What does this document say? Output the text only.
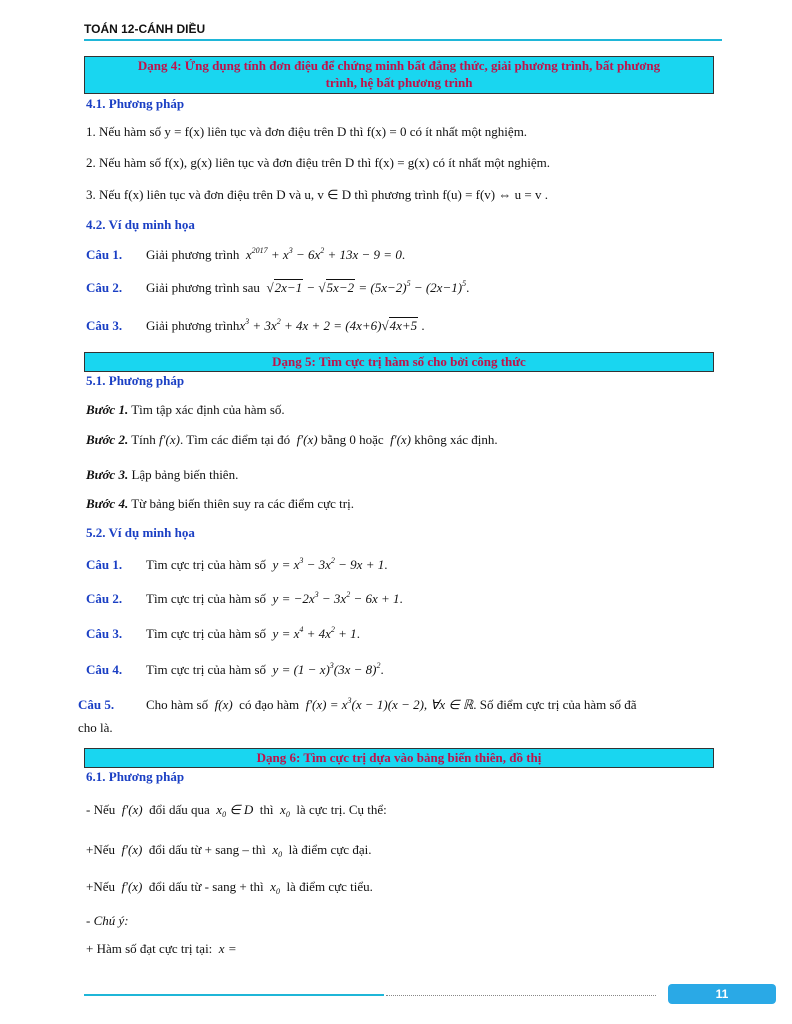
TOÁN 12-CÁNH DIỀU
Dạng 4: Ứng dụng tính đơn điệu để chứng minh bất đẳng thức, giải phương trình, bất phương
trình, hệ bất phương trình
4.1. Phương pháp
1. Nếu hàm số y = f(x) liên tục và đơn điệu trên D thì f(x) = 0 có ít nhất một nghiệm.
2. Nếu hàm số f(x), g(x) liên tục và đơn điệu trên D thì f(x) = g(x) có ít nhất một nghiệm.
3. Nếu f(x) liên tục và đơn điệu trên D và u, v ∈ D thì phương trình f(u) = f(v) ⇔ u = v .
4.2. Ví dụ minh họa
Câu 1. Giải phương trình  $x^{2017} + x^3 - 6x^2 + 13x - 9 = 0$.
Câu 2. Giải phương trình sau  $√2x-1 - √5x-2 = (5x-2)^5 - (2x-1)^5$.
Câu 3. Giải phương trìnhx$^3$ + $3x^2 + 4x + 2 = (4x+6)√4x+5$ .
Dạng 5: Tìm cực trị hàm số cho bởi công thức
5.1. Phương pháp
Bước 1. Tìm tập xác định của hàm số.
Bước 2. Tính f′(x). Tìm các điểm tại đó  f′(x) bằng 0 hoặc  f′(x) không xác định.
Bước 3. Lập bảng biến thiên.
Bước 4. Từ bảng biến thiên suy ra các điểm cực trị.
5.2. Ví dụ minh họa
Câu 1. Tìm cực trị của hàm số  $y = x^3 - 3x^2 - 9x + 1$.
Câu 2. Tìm cực trị của hàm số  $y = -2x^3 - 3x^2 - 6x + 1$.
Câu 3. Tìm cực trị của hàm số  $y = x^4 + 4x^2 + 1$.
Câu 4. Tìm cực trị của hàm số  $y = (1 - x)^3(3x - 8)^2$.
Câu 5. Cho hàm số  f(x)  có đạo hàm  $f'(x) = x^3(x - 1)(x - 2)$, ∀x ∈ ℝ. Số điểm cực trị của hàm số đã
cho là.
Dạng 6: Tìm cực trị dựa vào bảng biến thiên, đồ thị
6.1. Phương pháp
- Nếu  f′(x)  đổi dấu qua  $x_0$ ∈ D  thì  $x_0$ là cực trị. Cụ thể:
+Nếu  f′(x)  đổi dấu từ + sang – thì  $x_0$ là điểm cực đại.
+Nếu  f′(x)  đổi dấu từ - sang + thì  $x_0$ là điểm cực tiểu.
- Chú ý:
+ Hàm số đạt cực trị tại:  x =
11
